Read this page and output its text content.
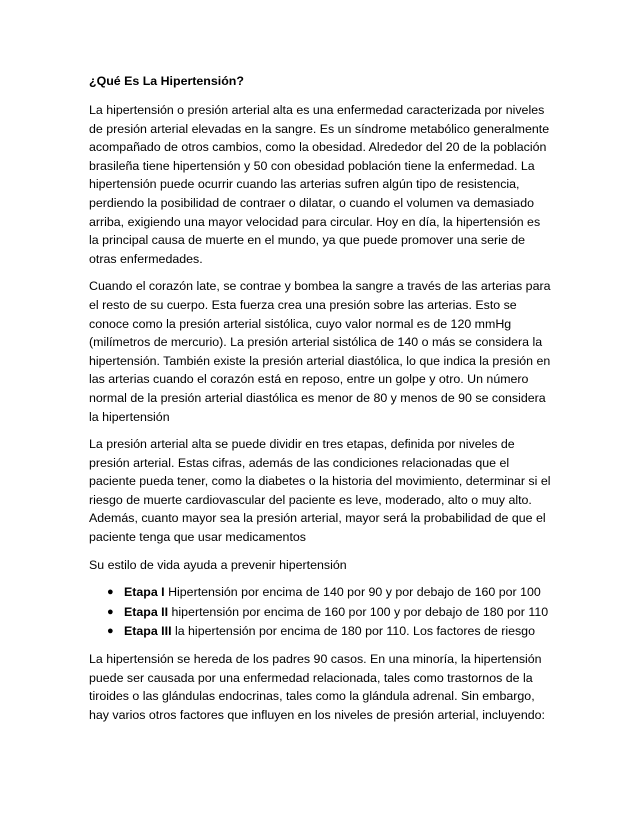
¿Qué Es La Hipertensión?

La hipertensión o presión arterial alta es una enfermedad caracterizada por niveles de presión arterial elevadas en la sangre. Es un síndrome metabólico generalmente acompañado de otros cambios, como la obesidad. Alrededor del 20 de la población brasileña tiene hipertensión y 50 con obesidad población tiene la enfermedad. La hipertensión puede ocurrir cuando las arterias sufren algún tipo de resistencia, perdiendo la posibilidad de contraer o dilatar, o cuando el volumen va demasiado arriba, exigiendo una mayor velocidad para circular. Hoy en día, la hipertensión es la principal causa de muerte en el mundo, ya que puede promover una serie de otras enfermedades.

Cuando el corazón late, se contrae y bombea la sangre a través de las arterias para el resto de su cuerpo. Esta fuerza crea una presión sobre las arterias. Esto se conoce como la presión arterial sistólica, cuyo valor normal es de 120 mmHg (milímetros de mercurio). La presión arterial sistólica de 140 o más se considera la hipertensión. También existe la presión arterial diastólica, lo que indica la presión en las arterias cuando el corazón está en reposo, entre un golpe y otro. Un número normal de la presión arterial diastólica es menor de 80 y menos de 90 se considera la hipertensión

La presión arterial alta se puede dividir en tres etapas, definida por niveles de presión arterial. Estas cifras, además de las condiciones relacionadas que el paciente pueda tener, como la diabetes o la historia del movimiento, determinar si el riesgo de muerte cardiovascular del paciente es leve, moderado, alto o muy alto. Además, cuanto mayor sea la presión arterial, mayor será la probabilidad de que el paciente tenga que usar medicamentos

Su estilo de vida ayuda a prevenir hipertensión

● Etapa I Hipertensión por encima de 140 por 90 y por debajo de 160 por 100
● Etapa II hipertensión por encima de 160 por 100 y por debajo de 180 por 110
● Etapa III la hipertensión por encima de 180 por 110. Los factores de riesgo

La hipertensión se hereda de los padres 90 casos. En una minoría, la hipertensión puede ser causada por una enfermedad relacionada, tales como trastornos de la tiroides o las glándulas endocrinas, tales como la glándula adrenal. Sin embargo, hay varios otros factores que influyen en los niveles de presión arterial, incluyendo:
